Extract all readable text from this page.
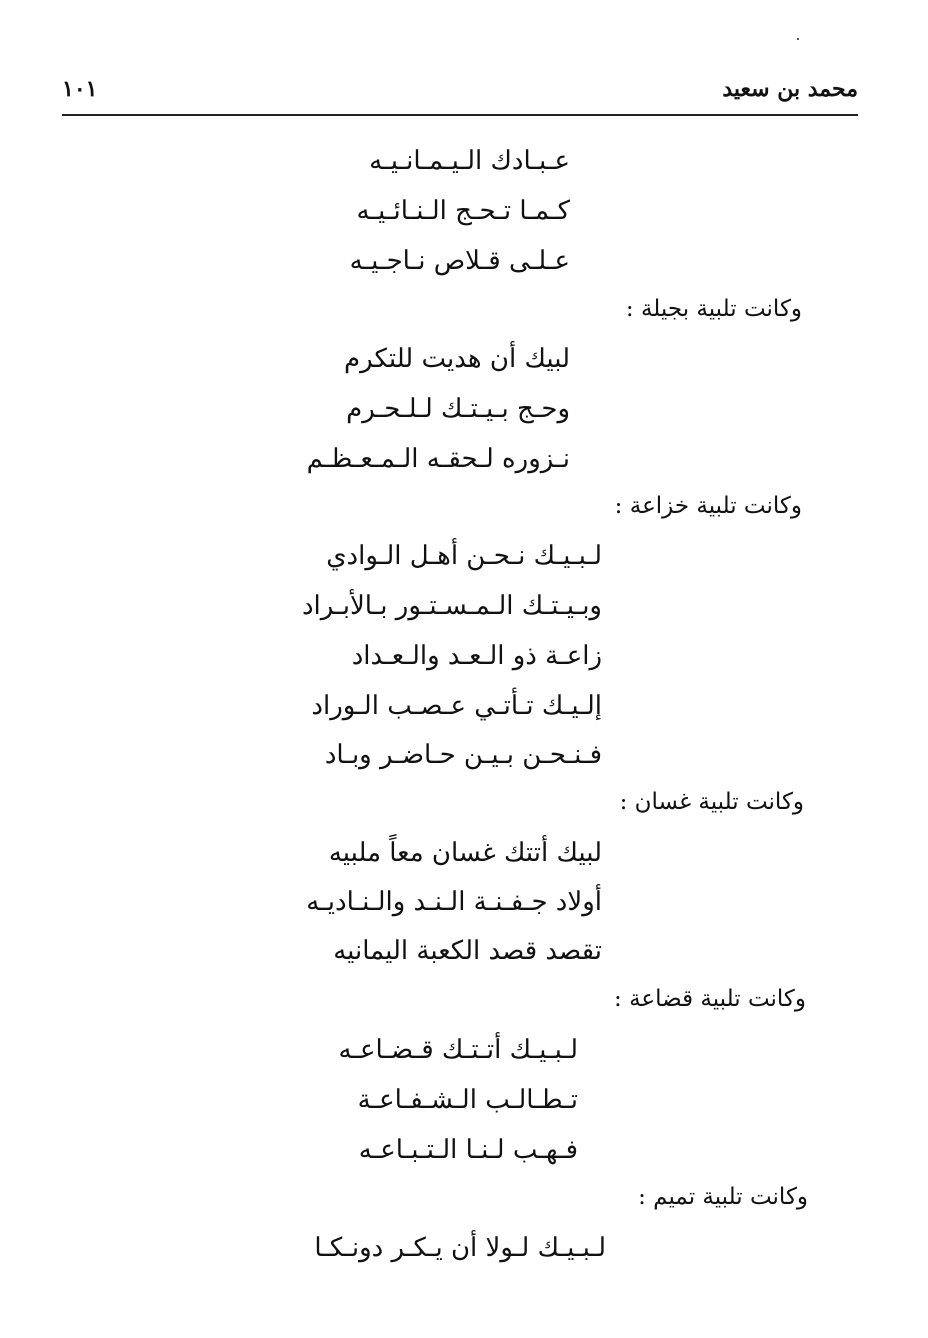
١٠١	محمد بن سعيد
عـبـادك الـيـمـانـيـه
كـمـا تـحـج الـنـائـيـه
عـلـى قـلاص نـاجـيـه
وكانت تلبية بجيلة :
لبيك أن هديت للتكرم
وحـج بـيـتـك لـلـحـرم
نـزوره لـحقـه الـمـعـظـم
وكانت تلبية خزاعة :
لـبـيـك نـحـن أهـل الـوادي
وبـيـتـك الـمـسـتـور بـالأبـراد
زاعـة ذو الـعـد والـعـداد
إلـيـك تـأتـي عـصـب الـوراد
فـنـحـن بـيـن حـاضـر وبـاد
وكانت تلبية غسان :
لبيك أتتك غسان معاً ملبيه
أولاد جـفـنـة الـنـد والـنـاديـه
تقصد قصد الكعبة اليمانيه
وكانت تلبية قضاعة :
لـبـيـك أتـتـك قـضـاعـه
تـطـالـب الـشـفـاعـة
فـهـب لـنـا الـتـبـاعـه
وكانت تلبية تميم :
لـبـيـك لـولا أن يـكـر دونـكـا
